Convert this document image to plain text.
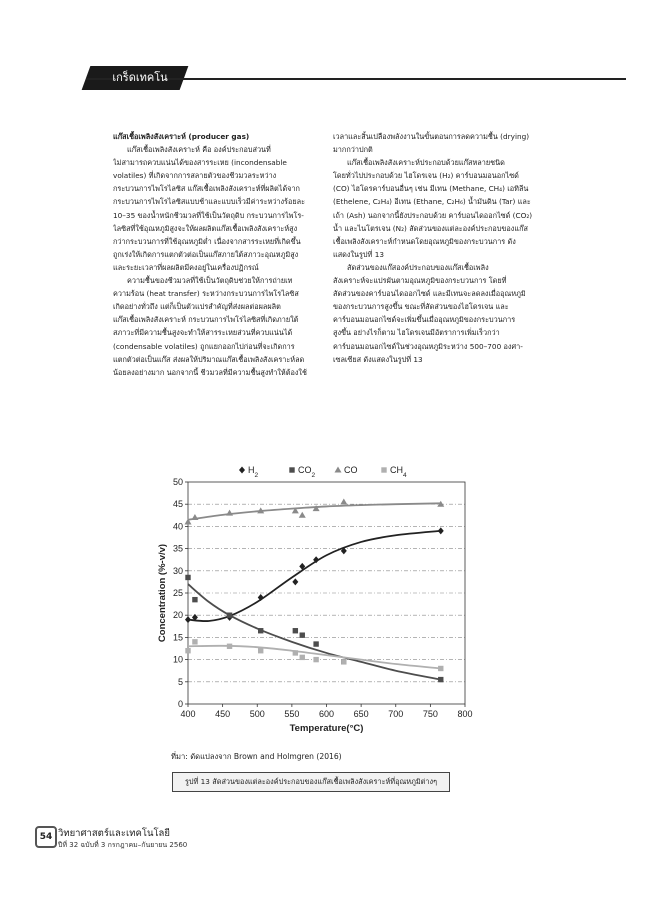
เกร็ดเทคโน

แก๊สเชื้อเพลิงสังเคราะห์ (producer gas)

แก๊สเชื้อเพลิงสังเคราะห์ คือ องค์ประกอบส่วนที่

ไม่สามารถควบแน่นได้ของสารระเหย (incondensable

volatiles) ที่เกิดจากการสลายตัวของชีวมวลระหว่าง

กระบวนการไพโรไลซิส แก๊สเชื้อเพลิงสังเคราะห์ที่ผลิตได้จาก

กระบวนการไพโรไลซิสแบบช้าและแบบเร็วมีค่าระหว่างร้อยละ

10–35 ของน้ำหนักชีวมวลที่ใช้เป็นวัตถุดิบ กระบวนการไพโร-

ไลซิสที่ใช้อุณหภูมิสูงจะให้ผลผลิตแก๊สเชื้อเพลิงสังเคราะห์สูง

กว่ากระบวนการที่ใช้อุณหภูมิต่ำ เนื่องจากสารระเหยที่เกิดขึ้น

ถูกเร่งให้เกิดการแตกตัวต่อเป็นแก๊สภายใต้สภาวะอุณหภูมิสูง

และระยะเวลาที่ผลผลิตมีคงอยู่ในเครื่องปฏิกรณ์

ความชื้นของชีวมวลที่ใช้เป็นวัตถุดิบช่วยให้การถ่ายเท

ความร้อน (heat transfer) ระหว่างกระบวนการไพโรไลซิส

เกิดอย่างทั่วถึง แต่ก็เป็นตัวแปรสำคัญที่ส่งผลต่อผลผลิต

แก๊สเชื้อเพลิงสังเคราะห์ กระบวนการไพโรไลซิสที่เกิดภายใต้

สภาวะที่มีความชื้นสูงจะทำให้สารระเหยส่วนที่ควบแน่นได้

(condensable volatiles) ถูกแยกออกไปก่อนที่จะเกิดการ

แตกตัวต่อเป็นแก๊ส ส่งผลให้ปริมาณแก๊สเชื้อเพลิงสังเคราะห์ลด

น้อยลงอย่างมาก นอกจากนี้ ชีวมวลที่มีความชื้นสูงทำให้ต้องใช้

เวลาและสิ้นเปลืองพลังงานในขั้นตอนการลดความชื้น (drying)

มากกว่าปกติ

แก๊สเชื้อเพลิงสังเคราะห์ประกอบด้วยแก๊สหลายชนิด

โดยทั่วไปประกอบด้วย ไฮโดรเจน (H₂) คาร์บอนมอนอกไซด์

(CO) ไฮโดรคาร์บอนอื่นๆ เช่น มีเทน (Methane, CH₄) เอทิลีน

(Ethelene, C₂H₄) อีเทน (Ethane, C₂H₆) น้ำมันดิน (Tar) และ

เถ้า (Ash) นอกจากนี้ยังประกอบด้วย คาร์บอนไดออกไซด์ (CO₂)

น้ำ และไนโตรเจน (N₂) สัดส่วนของแต่ละองค์ประกอบของแก๊ส

เชื้อเพลิงสังเคราะห์กำหนดโดยอุณหภูมิของกระบวนการ ดัง

แสดงในรูปที่ 13

สัดส่วนของแก๊สองค์ประกอบของแก๊สเชื้อเพลิง

สังเคราะห์จะแปรผันตามอุณหภูมิของกระบวนการ โดยที่

สัดส่วนของคาร์บอนไดออกไซด์ และมีเทนจะลดลงเมื่ออุณหภูมิ

ของกระบวนการสูงขึ้น ขณะที่สัดส่วนของไฮโดรเจน และ

คาร์บอนมอนอกไซด์จะเพิ่มขึ้นเมื่ออุณหภูมิของกระบวนการ

สูงขึ้น อย่างไรก็ตาม ไฮโดรเจนมีอัตราการเพิ่มเร็วกว่า

คาร์บอนมอนอกไซด์ในช่วงอุณหภูมิระหว่าง 500–700 องศา-

เซลเซียส ดังแสดงในรูปที่ 13

0
5
10
15
20
25
30
35
40
45
50
400 450 500 550 600 650 700 750 800
Temperature(°C)
Concentration (%-v/v)
$H_2$	$CO_2$	CO	$CH_4$
ที่มา: ดัดแปลงจาก Brown and Holmgren (2016)
รูปที่ 13 สัดส่วนของแต่ละองค์ประกอบของแก๊สเชื้อเพลิงสังเคราะห์ที่อุณหภูมิต่างๆ
54 วิทยาศาสตร์และเทคโนโลยี
ปีที่ 32 ฉบับที่ 3 กรกฎาคม–กันยายน 2560
